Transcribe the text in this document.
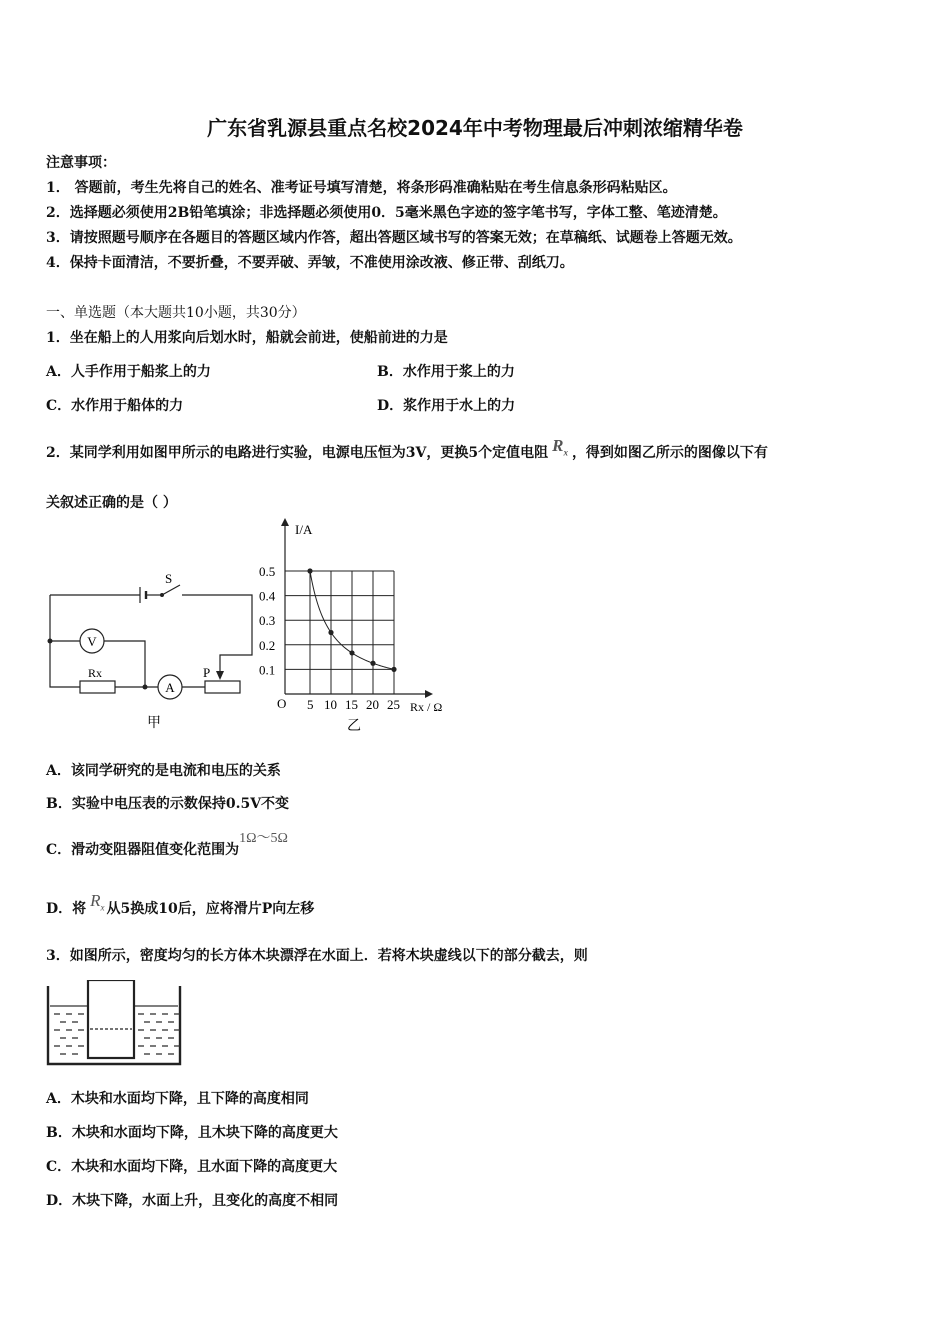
广东省乳源县重点名校2024年中考物理最后冲刺浓缩精华卷
注意事项：
1． 答题前，考生先将自己的姓名、准考证号填写清楚，将条形码准确粘贴在考生信息条形码粘贴区。
2．选择题必须使用2B铅笔填涂；非选择题必须使用0．5毫米黑色字迹的签字笔书写，字体工整、笔迹清楚。
3．请按照题号顺序在各题目的答题区域内作答，超出答题区域书写的答案无效；在草稿纸、试题卷上答题无效。
4．保持卡面清洁，不要折叠，不要弄破、弄皱，不准使用涂改液、修正带、刮纸刀。
一、单选题（本大题共10小题，共30分）
1．坐在船上的人用浆向后划水时，船就会前进，使船前进的力是
A．人手作用于船浆上的力	B．水作用于浆上的力
C．水作用于船体的力	D．浆作用于水上的力
2．某同学利用如图甲所示的电路进行实验，电源电压恒为3V，更换5个定值电阻 $R_x$ ，得到如图乙所示的图像以下有
关叙述正确的是（ ）
V
A
S
Rx	P
甲
0.1
0.2
0.3
0.4
0.5
5 10 15 20 25
I/A
Rx / Ω
O
乙
A．该同学研究的是电流和电压的关系
B．实验中电压表的示数保持0.5V不变
C．滑动变阻器阻值变化范围为1Ω～5Ω
D．将 $R_x$ 从5换成10后，应将滑片P向左移
3．如图所示，密度均匀的长方体木块漂浮在水面上．若将木块虚线以下的部分截去，则
A．木块和水面均下降，且下降的高度相同
B．木块和水面均下降，且木块下降的高度更大
C．木块和水面均下降，且水面下降的高度更大
D．木块下降，水面上升，且变化的高度不相同
